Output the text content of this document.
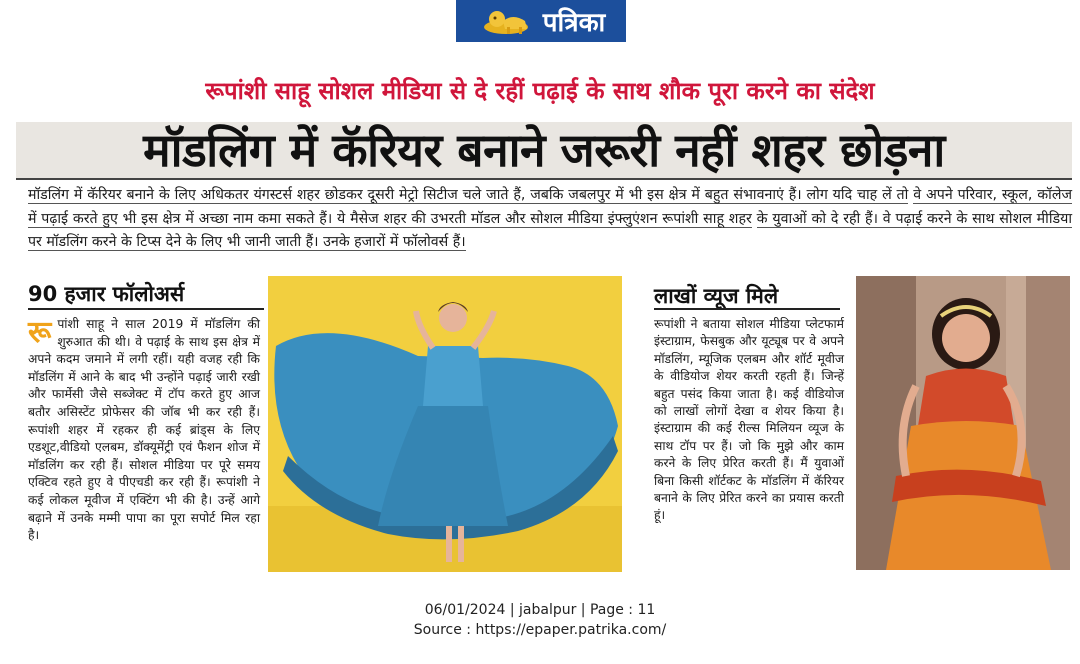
पत्रिका
रूपांशी साहू सोशल मीडिया से दे रहीं पढ़ाई के साथ शौक पूरा करने का संदेश
मॉडलिंग में कॅरियर बनाने जरूरी नहीं शहर छोड़ना
मॉडलिंग में कॅरियर बनाने के लिए अधिकतर यंगस्टर्स शहर छोडकर दूसरी मेट्रो सिटीज चले जाते हैं, जबकि जबलपुर में भी इस क्षेत्र में बहुत संभावनाएं हैं। लोग यदि चाह लें तो वे अपने परिवार, स्कूल, कॉलेज में पढ़ाई करते हुए भी इस क्षेत्र में अच्छा नाम कमा सकते हैं। ये मैसेज शहर की उभरती मॉडल और सोशल मीडिया इंफ्लुएंशन रूपांशी साहू शहर के युवाओं को दे रही हैं। वे पढ़ाई करने के साथ सोशल मीडिया पर मॉडलिंग करने के टिप्स देने के लिए भी जानी जाती हैं। उनके हजारों में फॉलोवर्स हैं।
90 हजार फॉलोअर्स
रू पांशी साहू ने साल 2019 में मॉडलिंग की शुरुआत की थी। वे पढ़ाई के साथ इस क्षेत्र में अपने कदम जमाने में लगी रहीं। यही वजह रही कि मॉडलिंग में आने के बाद भी उन्होंने पढ़ाई जारी रखी और फार्मेसी जैसे सब्जेक्ट में टॉप करते हुए आज बतौर असिस्टेंट प्रोफेसर की जॉब भी कर रही हैं। रूपांशी शहर में रहकर ही कई ब्रांड्स के लिए एडशूट,वीडियो एलबम, डॉक्यूमेंट्री एवं फैशन शोज में मॉडलिंग कर रही हैं। सोशल मीडिया पर पूरे समय एक्टिव रहते हुए वे पीएचडी कर रही हैं। रूपांशी ने कई लोकल मूवीज में एक्टिंग भी की है। उन्हें आगे बढ़ाने में उनके मम्मी पापा का पूरा सपोर्ट मिल रहा है।
लाखों व्यूज मिले
रूपांशी ने बताया सोशल मीडिया प्लेटफार्म इंस्टाग्राम, फेसबुक और यूट्यूब पर वे अपने मॉडलिंग, म्यूजिक एलबम और शॉर्ट मूवीज के वीडियोज शेयर करती रहती हैं। जिन्हें बहुत पसंद किया जाता है। कई वीडियोज को लाखों लोगों देखा व शेयर किया है। इंस्टाग्राम की कई रील्स मिलियन व्यूज के साथ टॉप पर हैं। जो कि मुझे और काम करने के लिए प्रेरित करती हैं। मैं युवाओं बिना किसी शॉर्टकट के मॉडलिंग में कॅरियर बनाने के लिए प्रेरित करने का प्रयास करती हूं।
06/01/2024 | jabalpur | Page : 11
Source : https://epaper.patrika.com/
